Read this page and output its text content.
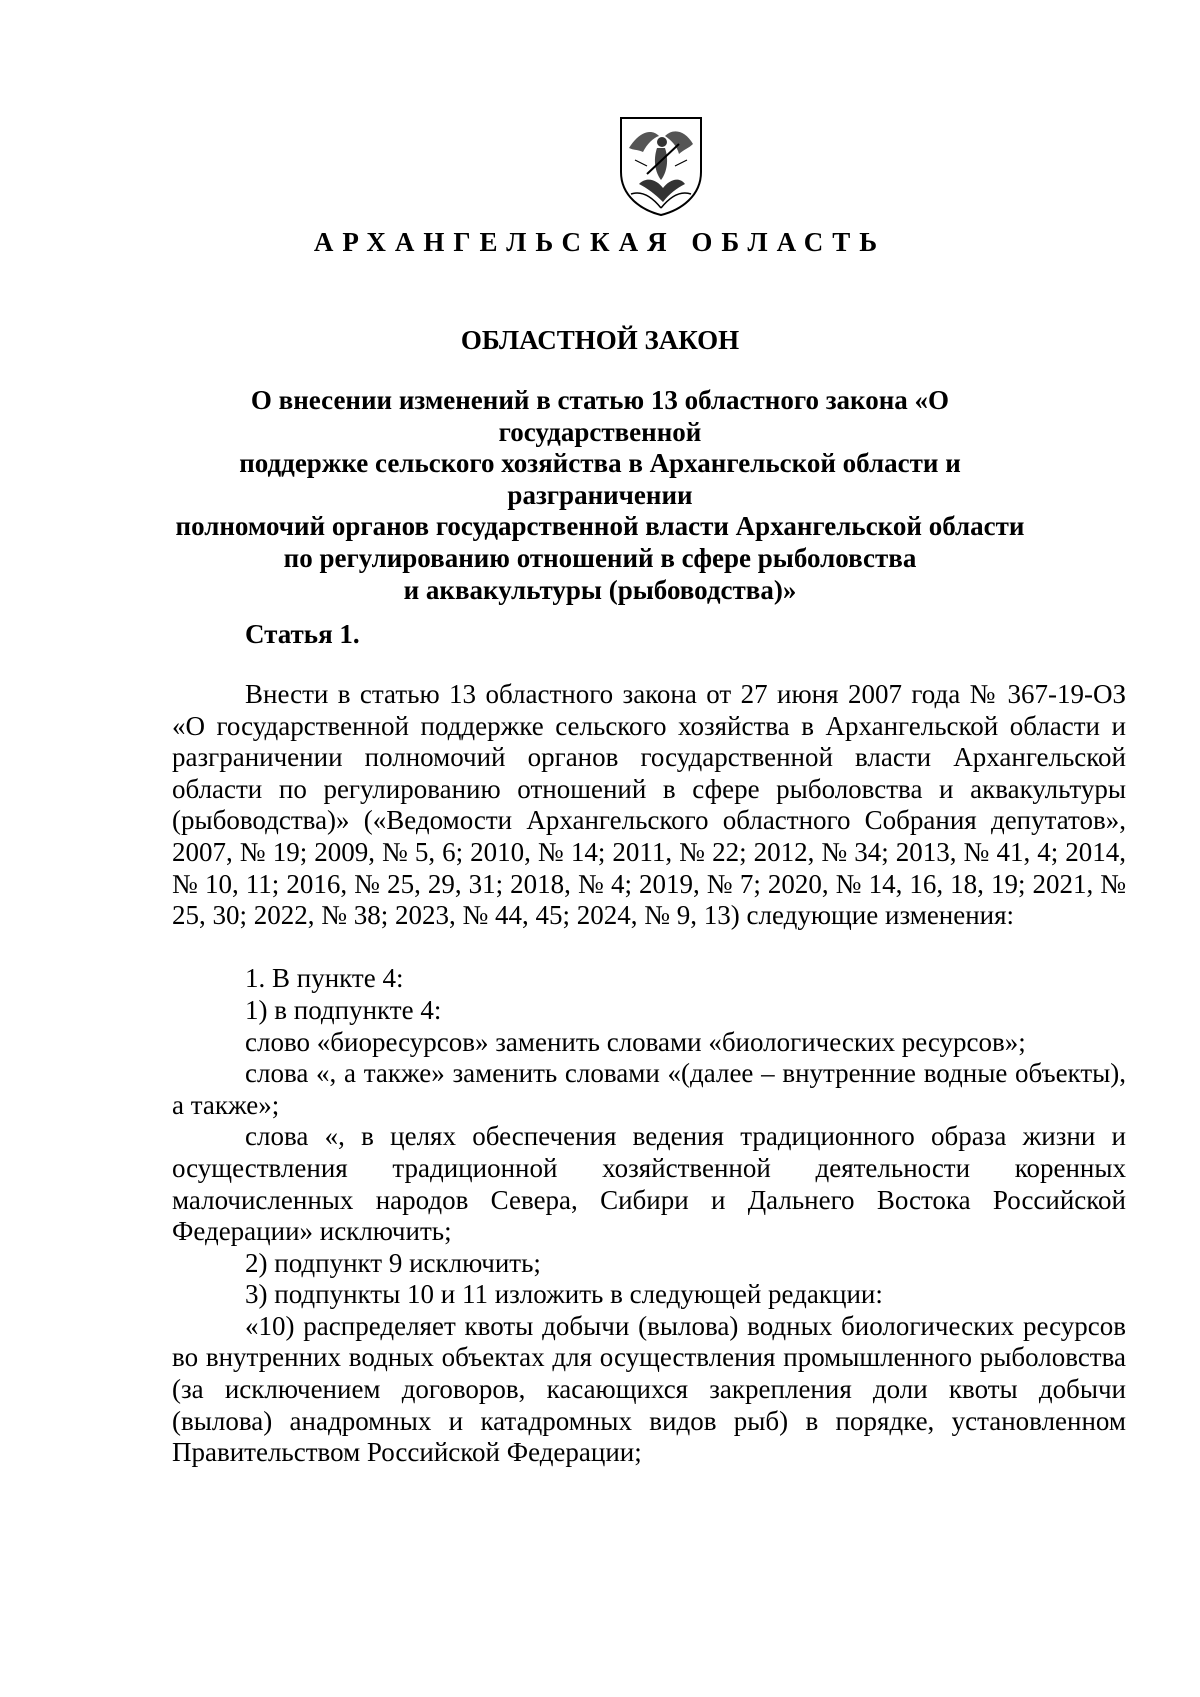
АРХАНГЕЛЬСКАЯ ОБЛАСТЬ
ОБЛАСТНОЙ ЗАКОН
О внесении изменений в статью 13 областного закона «О государственной
поддержке сельского хозяйства в Архангельской области и разграничении
полномочий органов государственной власти Архангельской области
по регулированию отношений в сфере рыболовства
и аквакультуры (рыбоводства)»
Статья 1.

Внести в статью 13 областного закона от 27 июня 2007 года № 367-19-ОЗ «О государственной поддержке сельского хозяйства в Архангельской области и разграничении полномочий органов государственной власти Архангельской области по регулированию отношений в сфере рыболовства и аквакультуры (рыбоводства)» («Ведомости Архангельского областного Собрания депутатов», 2007, № 19; 2009, № 5, 6; 2010, № 14; 2011, № 22; 2012, № 34; 2013, № 41, 4; 2014, № 10, 11; 2016, № 25, 29, 31; 2018, № 4; 2019, № 7; 2020, № 14, 16, 18, 19; 2021, № 25, 30; 2022, № 38; 2023, № 44, 45; 2024, № 9, 13) следующие изменения:

1. В пункте 4:

1) в подпункте 4:

слово «биоресурсов» заменить словами «биологических ресурсов»;

слова «, а также» заменить словами «(далее – внутренние водные объекты), а также»;

слова «, в целях обеспечения ведения традиционного образа жизни и осуществления традиционной хозяйственной деятельности коренных малочисленных народов Севера, Сибири и Дальнего Востока Российской Федерации» исключить;

2) подпункт 9 исключить;

3) подпункты 10 и 11 изложить в следующей редакции:

«10) распределяет квоты добычи (вылова) водных биологических ресурсов во внутренних водных объектах для осуществления промышленного рыболовства (за исключением договоров, касающихся закрепления доли квоты добычи (вылова) анадромных и катадромных видов рыб) в порядке, установленном Правительством Российской Федерации;
